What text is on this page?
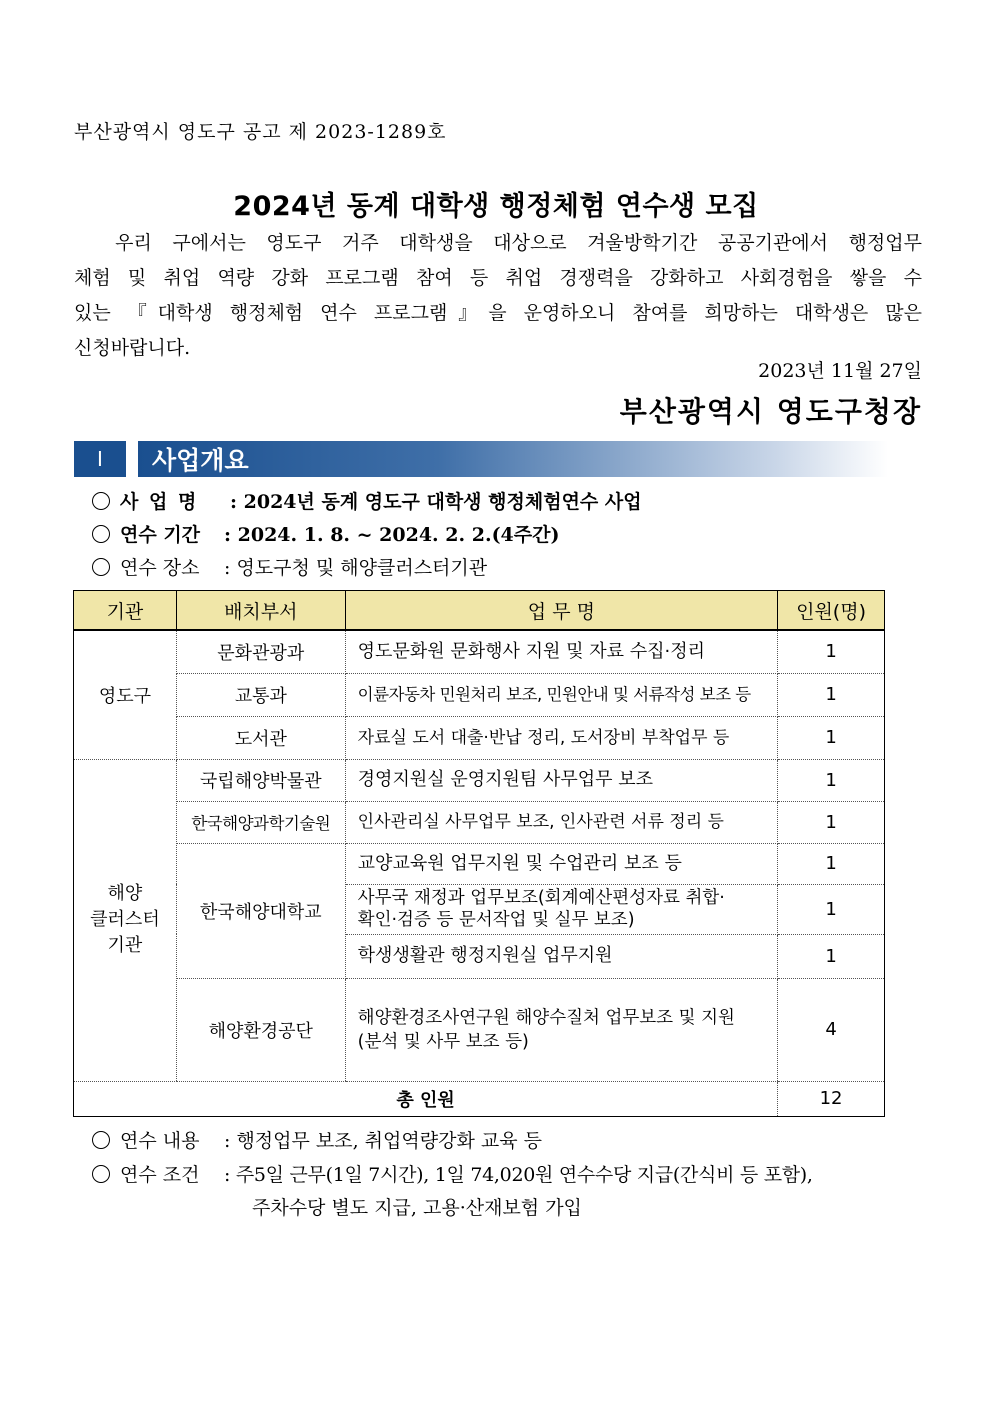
부산광역시 영도구 공고 제 2023-1289호
2024년 동계 대학생 행정체험 연수생 모집
우리 구에서는 영도구 거주 대학생을 대상으로 겨울방학기간 공공기관에서 행정업무
체험 및 취업 역량 강화 프로그램 참여 등 취업 경쟁력을 강화하고 사회경험을 쌓을 수
있는 『대학생 행정체험 연수 프로그램』을 운영하오니 참여를 희망하는 대학생은 많은
신청바랍니다.
2023년 11월 27일
부산광역시 영도구청장
Ⅰ	사업개요
사 업 명 : 2024년 동계 영도구 대학생 행정체험연수 사업
연수 기간 : 2024. 1. 8. ~ 2024. 2. 2.(4주간)
연수 장소 : 영도구청 및 해양클러스터기관
기관	배치부서	업 무 명	인원(명)
영도구	문화관광과	영도문화원 문화행사 지원 및 자료 수집·정리	1
	교통과	이륜자동차 민원처리 보조, 민원안내 및 서류작성 보조 등	1
	도서관	자료실 도서 대출·반납 정리, 도서장비 부착업무 등	1

해양
클러스터
기관	국립해양박물관	경영지원실 운영지원팀 사무업무 보조	1
	한국해양과학기술원	인사관리실 사무업무 보조, 인사관련 서류 정리 등	1
	한국해양대학교	교양교육원 업무지원 및 수업관리 보조 등	1

		사무국 재정과 업무보조(회계예산편성자료 취합·
확인·검증 등 문서작업 및 실무 보조)	1
		학생생활관 행정지원실 업무지원	1
	해양환경공단	해양환경조사연구원 해양수질처 업무보조 및 지원
(분석 및 사무 보조 등)	4

총 인원			12
연수 내용 : 행정업무 보조, 취업역량강화 교육 등
연수 조건 : 주5일 근무(1일 7시간), 1일 74,020원 연수수당 지급(간식비 등 포함),
주차수당 별도 지급, 고용·산재보험 가입
